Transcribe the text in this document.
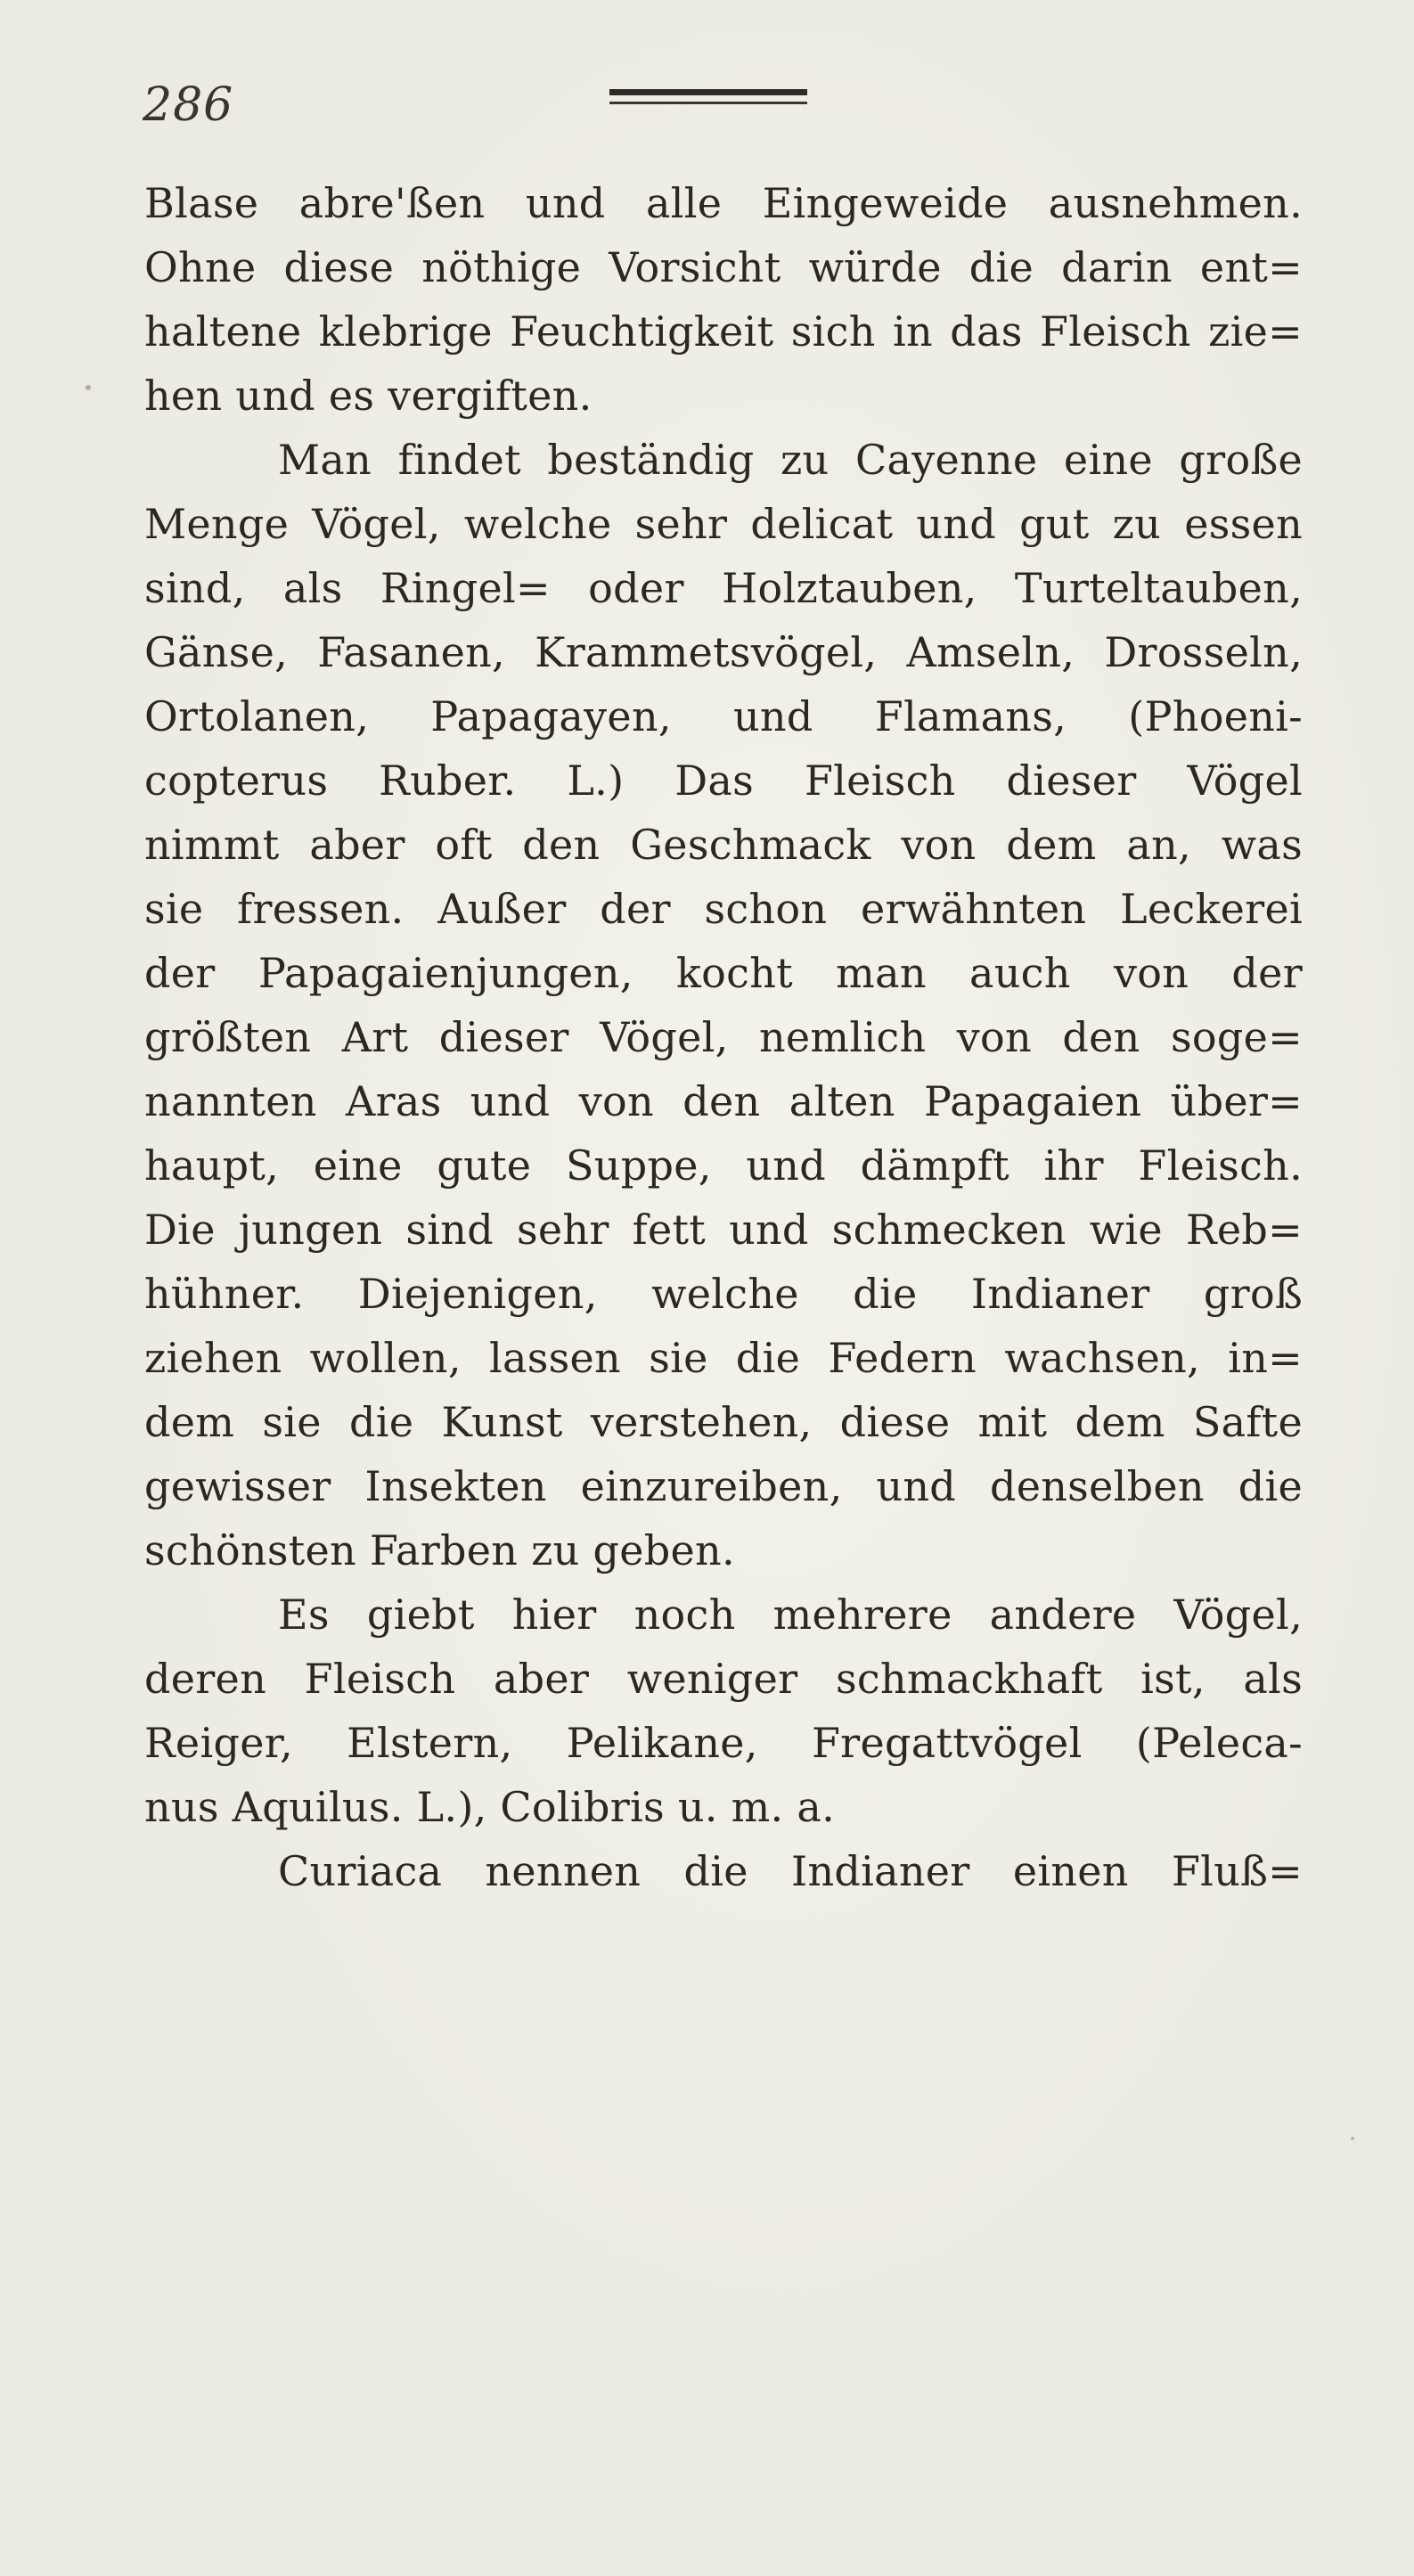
286
Blase abre'ßen und alle Eingeweide ausnehmen.
Ohne diese nöthige Vorsicht würde die darin ent=
haltene klebrige Feuchtigkeit sich in das Fleisch zie=
hen und es vergiften.
Man findet beständig zu Cayenne eine große
Menge Vögel, welche sehr delicat und gut zu essen
sind, als Ringel= oder Holztauben, Turteltauben,
Gänse, Fasanen, Krammetsvögel, Amseln, Drosseln,
Ortolanen, Papagayen, und Flamans, (Phoeni-
copterus Ruber. L.) Das Fleisch dieser Vögel
nimmt aber oft den Geschmack von dem an, was
sie fressen. Außer der schon erwähnten Leckerei
der Papagaienjungen, kocht man auch von der
größten Art dieser Vögel, nemlich von den soge=
nannten Aras und von den alten Papagaien über=
haupt, eine gute Suppe, und dämpft ihr Fleisch.
Die jungen sind sehr fett und schmecken wie Reb=
hühner. Diejenigen, welche die Indianer groß
ziehen wollen, lassen sie die Federn wachsen, in=
dem sie die Kunst verstehen, diese mit dem Safte
gewisser Insekten einzureiben, und denselben die
schönsten Farben zu geben.
Es giebt hier noch mehrere andere Vögel,
deren Fleisch aber weniger schmackhaft ist, als
Reiger, Elstern, Pelikane, Fregattvögel (Peleca-
nus Aquilus. L.), Colibris u. m. a.
Curiaca nennen die Indianer einen Fluß=
